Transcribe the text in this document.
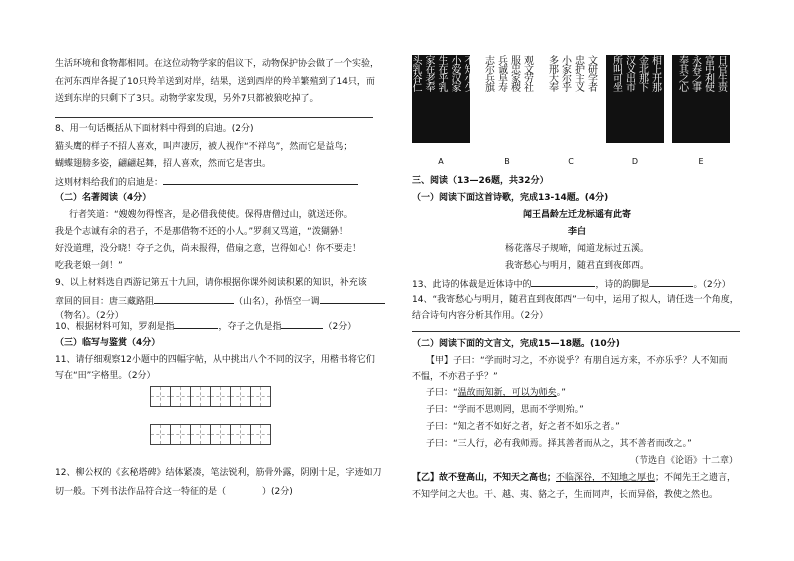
生活环境和食物都相同。在这位动物学家的倡议下，动物保护协会做了一个实验，
在河东西岸各捉了10只羚羊送到对岸，结果，送到西岸的羚羊繁殖到了14只，而
送到东岸的只剩下了3只。动物学家发现，另外7只都被狼吃掉了。
8、用一句话概括从下面材料中得到的启迪。(2分)
猫头鹰的样子不招人喜欢，叫声凄厉，被人视作“不祥鸟”，然而它是益鸟；
蝴蝶翅膀多姿，翩翩起舞，招人喜欢，然而它是害虫。
这则材料给我们的启迪是：
（二）名著阅读（4分）
行者笑道：“嫂嫂勿得悭吝，是必借我使使。保得唐僧过山，就送还你。
我是个志诚有余的君子，不是那借物不还的小人。”罗刹又骂道，“泼猢狲！
好没道理，没分晓！夺子之仇，尚未报得，借扇之意，岂得如心！你不要走！
吃我老娘一剑！”
9、以上材料选自西游记第五十九回，请你根据你课外阅读积累的知识，补充该
章回的回目：唐三藏路阻	（山名），孙悟空一调
（物名）。（2分）
10、根据材料可知，罗刹是指	，夺子之仇是指	（2分）
（三）临写与鉴赏（4分）
11、请仔细观察12小题中的四幅字帖，从中挑出八个不同的汉字，用楷书将它们
写在“田”字格里。（2分）
12、柳公权的《玄秘塔碑》结体紧凑，笔法锐利，筋骨外露，阴刚十足，字迹如刀
切一般。下列书法作品符合这一特征的是（	）(2分)
不知小少
小爱汉家
生在乎乳
家在老奉
头乳谷仁
A
观文劳社
服忠家稷
兵诚阜寿
志尔兵旗
B
文研学者
忠护主义
小家尔乎
多邢大奉
C
相上开那
金北那下
汉义出市
所叫可坐
D
日官生贵
富中利使
永春之事
奉其之心
E
三、阅读（13—26题，共32分）
（一）阅读下面这首诗歌，完成13-14题。(4分)
闻王昌龄左迁龙标遥有此寄
李白
杨花落尽子规啼，闻道龙标过五溪。
我寄愁心与明月，随君直到夜郎西。
13、此诗的体裁是近体诗中的	，诗的韵脚是	。（2分）
14、“我寄愁心与明月，随君直到夜郎西”一句中，运用了拟人，请任选一个角度，
结合诗句内容分析其作用。（2分）
（二）阅读下面的文言文，完成15—18题。(10分)
【甲】子曰：“学而时习之，不亦说乎？有朋自远方来，不亦乐乎？人不知而
不愠，不亦君子乎？”
子曰：“温故而知新，可以为师矣。”
子曰：“学而不思则罔，思而不学则殆。”
子曰：“知之者不如好之者，好之者不如乐之者。”
子曰：“三人行，必有我师焉。择其善者而从之，其不善者而改之。”
（节选自《论语》十二章）
【乙】故不登高山，不知天之高也；不临深谷，不知地之厚也；不闻先王之遗言，
不知学问之大也。干、越、夷、貉之子，生而同声，长而异俗，教使之然也。
